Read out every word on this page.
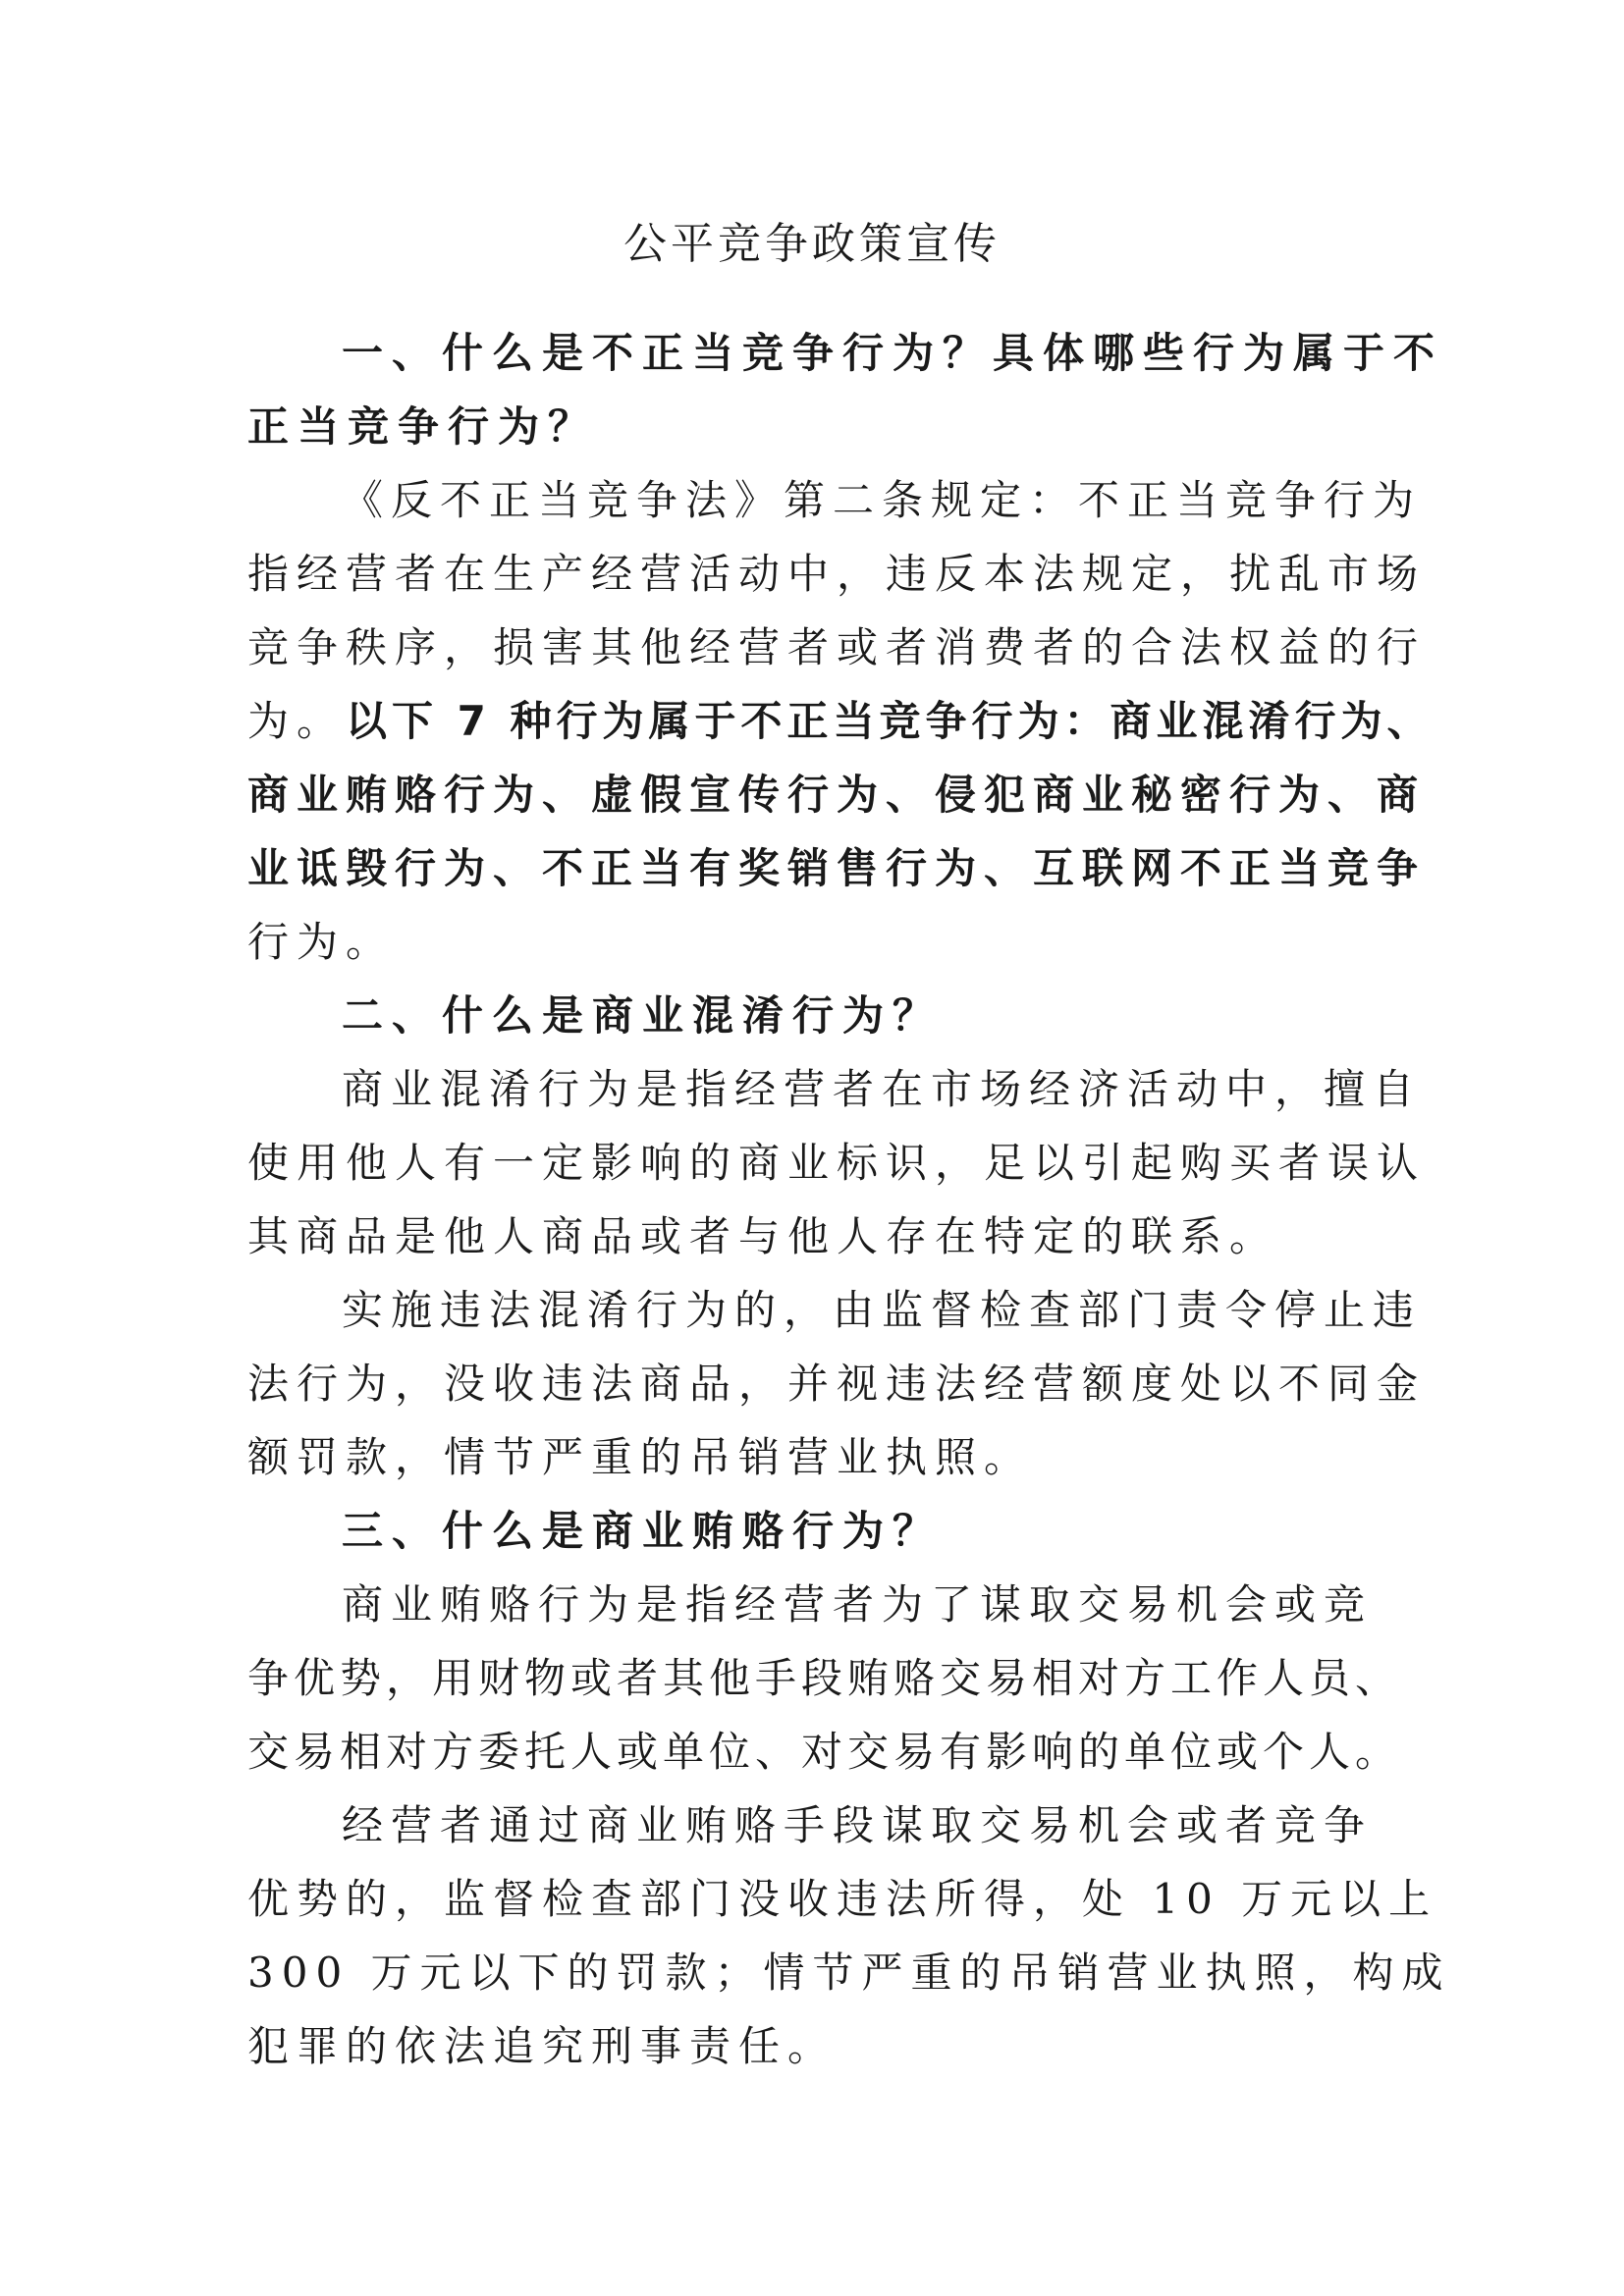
公平竞争政策宣传
一、什么是不正当竞争行为？具体哪些行为属于不
正当竞争行为？
《反不正当竞争法》第二条规定：不正当竞争行为
指经营者在生产经营活动中，违反本法规定，扰乱市场
竞争秩序，损害其他经营者或者消费者的合法权益的行
为。以下 7 种行为属于不正当竞争行为：商业混淆行为、
商业贿赂行为、虚假宣传行为、侵犯商业秘密行为、商
业诋毁行为、不正当有奖销售行为、互联网不正当竞争
行为。
二、什么是商业混淆行为？
商业混淆行为是指经营者在市场经济活动中，擅自
使用他人有一定影响的商业标识，足以引起购买者误认
其商品是他人商品或者与他人存在特定的联系。
实施违法混淆行为的，由监督检查部门责令停止违
法行为，没收违法商品，并视违法经营额度处以不同金
额罚款，情节严重的吊销营业执照。
三、什么是商业贿赂行为？
商业贿赂行为是指经营者为了谋取交易机会或竞
争优势，用财物或者其他手段贿赂交易相对方工作人员、
交易相对方委托人或单位、对交易有影响的单位或个人。
经营者通过商业贿赂手段谋取交易机会或者竞争
优势的，监督检查部门没收违法所得，处 10 万元以上
300 万元以下的罚款；情节严重的吊销营业执照，构成
犯罪的依法追究刑事责任。
